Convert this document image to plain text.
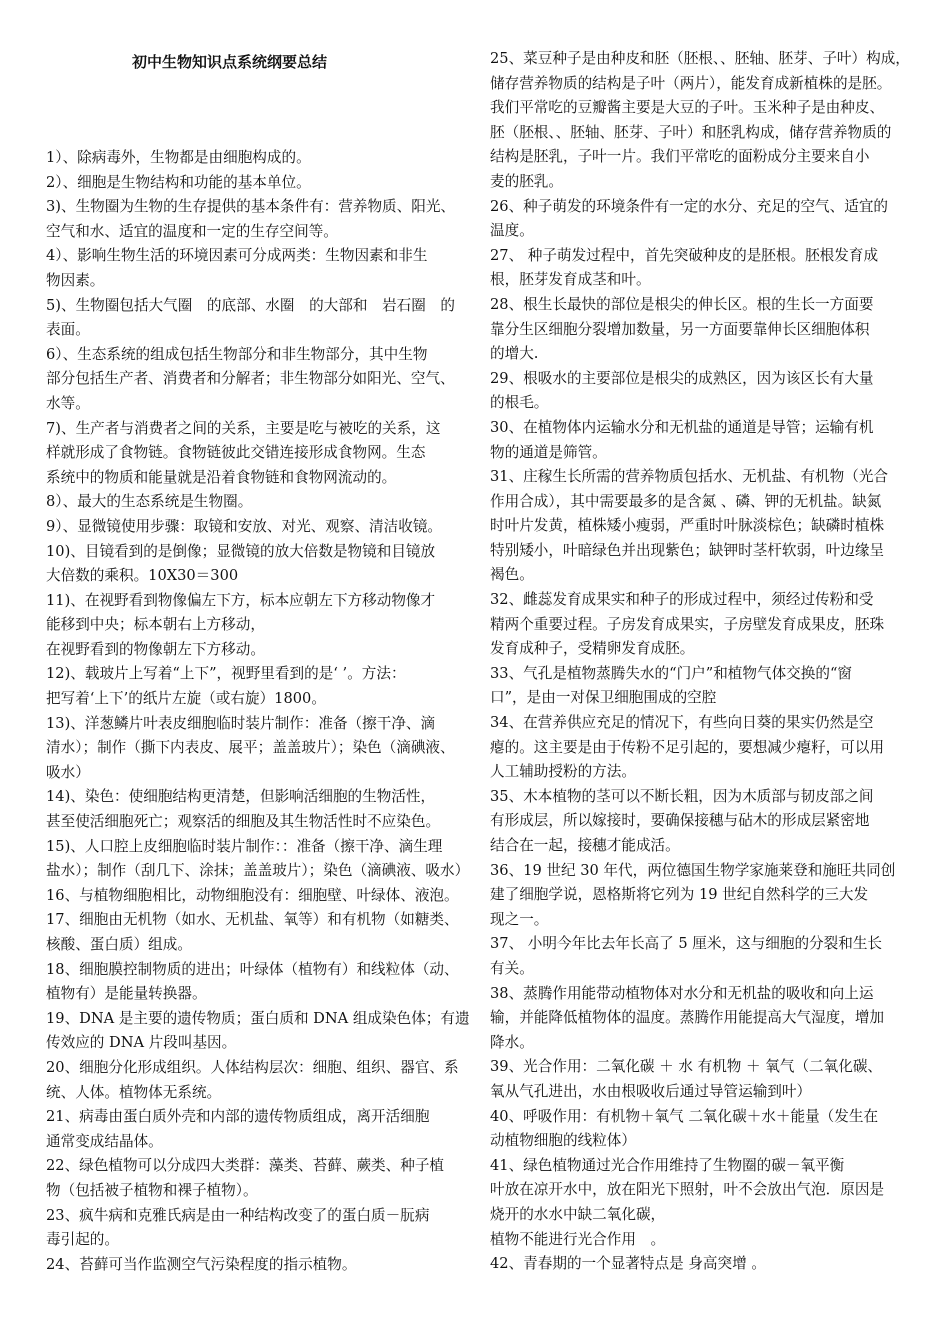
初中生物知识点系统纲要总结
1）、除病毒外，生物都是由细胞构成的。
2）、细胞是生物结构和功能的基本单位。
3)、生物圈为生物的生存提供的基本条件有：营养物质、阳光、
空气和水、适宜的温度和一定的生存空间等。
4）、影响生物生活的环境因素可分成两类：生物因素和非生
物因素。
5)、生物圈包括大气圈　的底部、水圈　的大部和　岩石圈　的
表面。
6）、生态系统的组成包括生物部分和非生物部分，其中生物
部分包括生产者、消费者和分解者；非生物部分如阳光、空气、
水等。
7)、生产者与消费者之间的关系，主要是吃与被吃的关系，这
样就形成了食物链。食物链彼此交错连接形成食物网。生态
系统中的物质和能量就是沿着食物链和食物网流动的。
8）、最大的生态系统是生物圈。
9）、显微镜使用步骤：取镜和安放、对光、观察、清洁收镜。
10)、目镜看到的是倒像；显微镜的放大倍数是物镜和目镜放
大倍数的乘积。10X30＝300
11)、在视野看到物像偏左下方，标本应朝左下方移动物像才
能移到中央；标本朝右上方移动，
在视野看到的物像朝左下方移动。
12)、载玻片上写着“上下”，视野里看到的是‘ ’。方法：
把写着‘上下’的纸片左旋（或右旋）1800。
13)、洋葱鳞片叶表皮细胞临时装片制作：准备（擦干净、滴
清水）；制作（撕下内表皮、展平；盖盖玻片）；染色（滴碘液、
吸水）
14)、染色：使细胞结构更清楚，但影响活细胞的生物活性，
甚至使活细胞死亡；观察活的细胞及其生物活性时不应染色。
15)、人口腔上皮细胞临时装片制作：：准备（擦干净、滴生理
盐水）；制作（刮几下、涂抹；盖盖玻片）；染色（滴碘液、吸水）
16、与植物细胞相比，动物细胞没有：细胞壁、叶绿体、液泡。
17、细胞由无机物（如水、无机盐、氧等）和有机物（如糖类、
核酸、蛋白质）组成。
18、细胞膜控制物质的进出；叶绿体（植物有）和线粒体（动、
植物有）是能量转换器。
19、DNA 是主要的遗传物质；蛋白质和 DNA 组成染色体；有遗
传效应的 DNA 片段叫基因。
20、细胞分化形成组织。人体结构层次：细胞、组织、器官、系
统、人体。植物体无系统。
21、病毒由蛋白质外壳和内部的遗传物质组成，离开活细胞
通常变成结晶体。
22、绿色植物可以分成四大类群：藻类、苔藓、蕨类、种子植
物（包括被子植物和裸子植物）。
23、疯牛病和克雅氏病是由一种结构改变了的蛋白质－朊病
毒引起的。
24、苔藓可当作监测空气污染程度的指示植物。
25、菜豆种子是由种皮和胚（胚根、、胚轴、胚芽、子叶）构成，
储存营养物质的结构是子叶（两片），能发育成新植株的是胚。
我们平常吃的豆瓣酱主要是大豆的子叶。玉米种子是由种皮、
胚（胚根、、胚轴、胚芽、子叶）和胚乳构成，储存营养物质的
结构是胚乳，子叶一片。我们平常吃的面粉成分主要来自小
麦的胚乳。
26、种子萌发的环境条件有一定的水分、充足的空气、适宜的
温度。
27、 种子萌发过程中，首先突破种皮的是胚根。胚根发育成
根，胚芽发育成茎和叶。
28、根生长最快的部位是根尖的伸长区。根的生长一方面要
靠分生区细胞分裂增加数量，另一方面要靠伸长区细胞体积
的增大.
29、根吸水的主要部位是根尖的成熟区，因为该区长有大量
的根毛。
30、在植物体内运输水分和无机盐的通道是导管；运输有机
物的通道是筛管。
31、庄稼生长所需的营养物质包括水、无机盐、有机物（光合
作用合成），其中需要最多的是含氮 、磷、钾的无机盐。缺氮
时叶片发黄，植株矮小瘦弱，严重时叶脉淡棕色；缺磷时植株
特别矮小，叶暗绿色并出现紫色；缺钾时茎杆软弱，叶边缘呈
褐色。
32、雌蕊发育成果实和种子的形成过程中，须经过传粉和受
精两个重要过程。子房发育成果实，子房壁发育成果皮，胚珠
发育成种子，受精卵发育成胚。
33、气孔是植物蒸腾失水的“门户”和植物气体交换的“窗
口”，是由一对保卫细胞围成的空腔
34、在营养供应充足的情况下，有些向日葵的果实仍然是空
瘪的。这主要是由于传粉不足引起的，要想减少瘪籽，可以用
人工辅助授粉的方法。
35、木本植物的茎可以不断长粗，因为木质部与韧皮部之间
有形成层，所以嫁接时，要确保接穗与砧木的形成层紧密地
结合在一起，接穗才能成活。
36、19 世纪 30 年代，两位德国生物学家施莱登和施旺共同创
建了细胞学说，恩格斯将它列为 19 世纪自然科学的三大发
现之一。
37、 小明今年比去年长高了 5 厘米，这与细胞的分裂和生长
有关。
38、蒸腾作用能带动植物体对水分和无机盐的吸收和向上运
输，并能降低植物体的温度。蒸腾作用能提高大气湿度，增加
降水。
39、光合作用：二氧化碳 ＋ 水 有机物 ＋ 氧气（二氧化碳、
氧从气孔进出，水由根吸收后通过导管运输到叶）
40、呼吸作用：有机物＋氧气 二氧化碳＋水＋能量（发生在
动植物细胞的线粒体）
41、绿色植物通过光合作用维持了生物圈的碳－氧平衡
叶放在凉开水中，放在阳光下照射，叶不会放出气泡．原因是
烧开的水水中缺二氧化碳，
植物不能进行光合作用　。
42、青春期的一个显著特点是 身高突增 。
